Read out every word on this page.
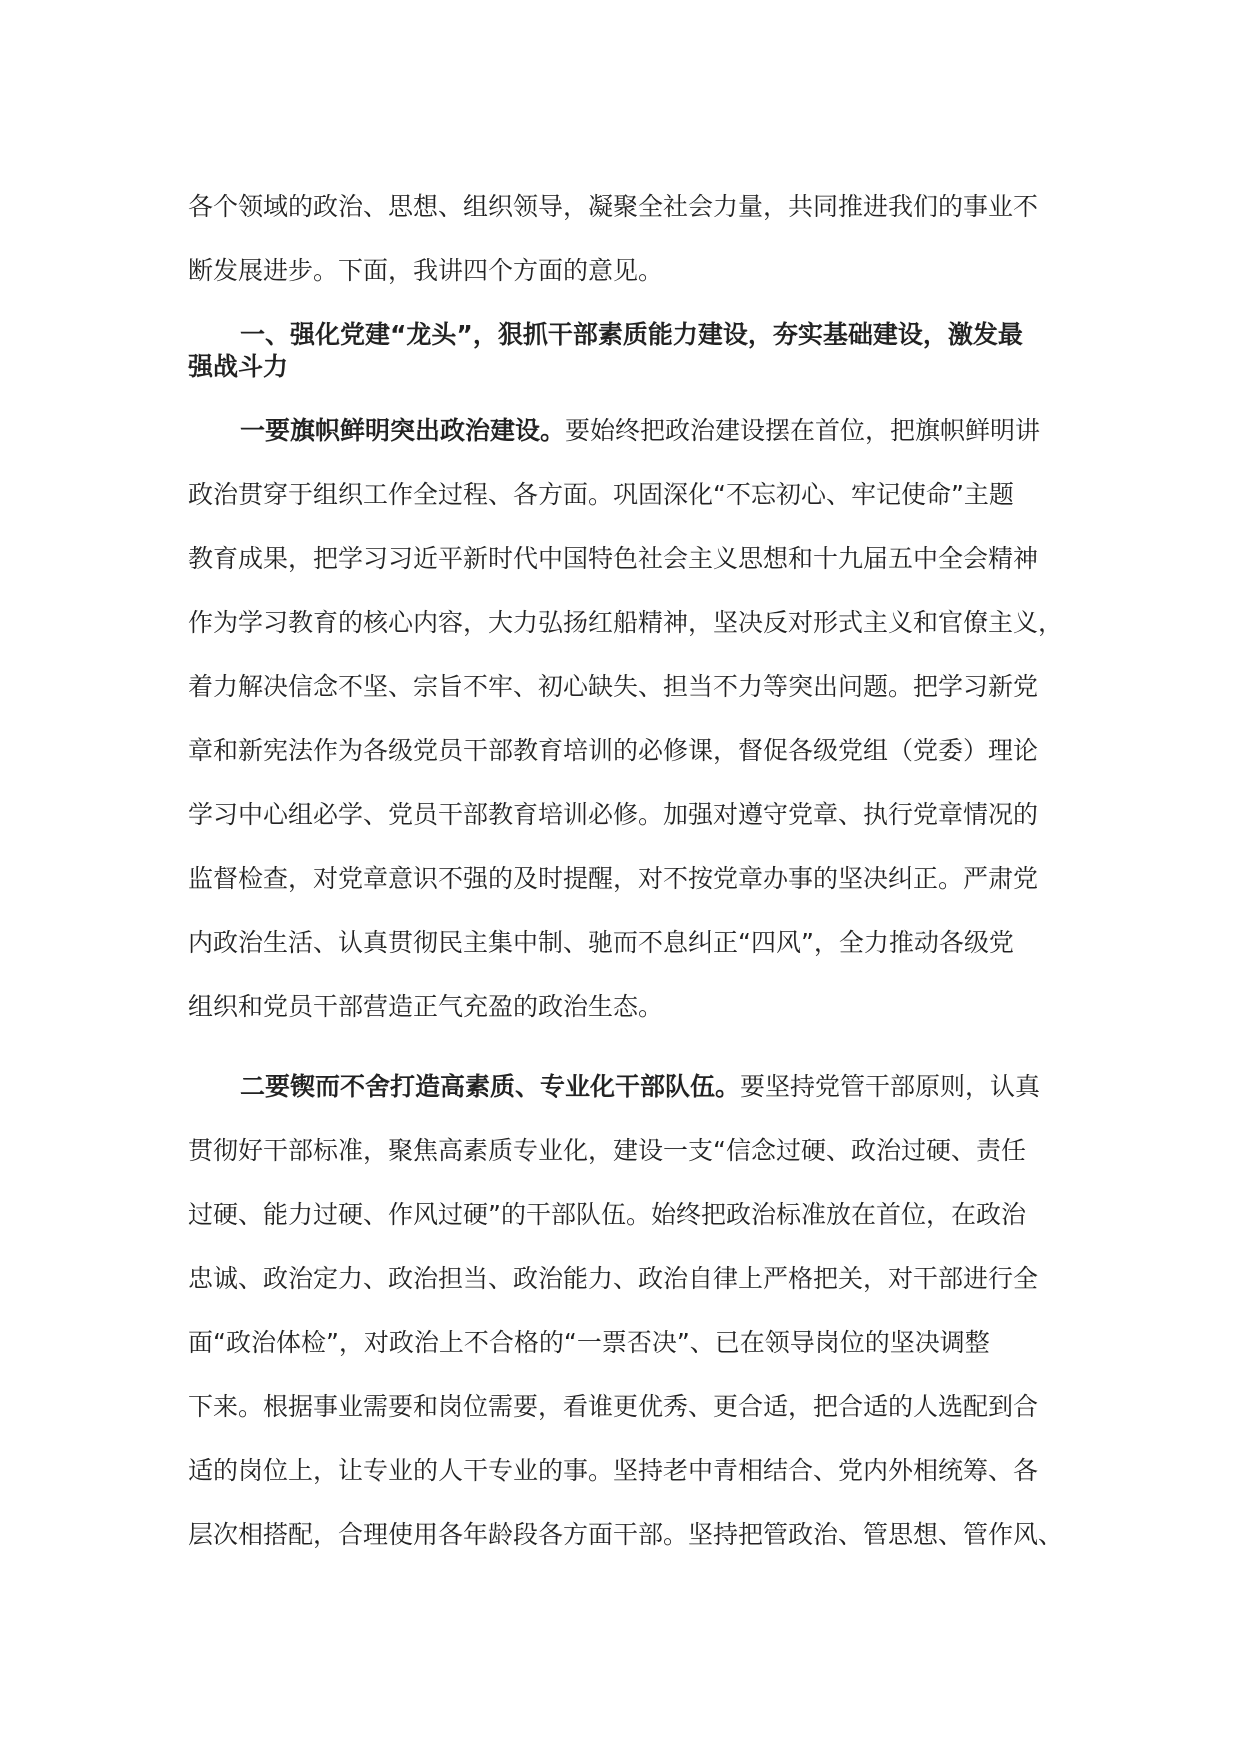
各个领域的政治、思想、组织领导，凝聚全社会力量，共同推进我们的事业不
断发展进步。下面，我讲四个方面的意见。
一、强化党建“龙头”，狠抓干部素质能力建设，夯实基础建设，激发最
强战斗力
一要旗帜鲜明突出政治建设。要始终把政治建设摆在首位，把旗帜鲜明讲
政治贯穿于组织工作全过程、各方面。巩固深化“不忘初心、牢记使命”主题
教育成果，把学习习近平新时代中国特色社会主义思想和十九届五中全会精神
作为学习教育的核心内容，大力弘扬红船精神，坚决反对形式主义和官僚主义，
着力解决信念不坚、宗旨不牢、初心缺失、担当不力等突出问题。把学习新党
章和新宪法作为各级党员干部教育培训的必修课，督促各级党组（党委）理论
学习中心组必学、党员干部教育培训必修。加强对遵守党章、执行党章情况的
监督检查，对党章意识不强的及时提醒，对不按党章办事的坚决纠正。严肃党
内政治生活、认真贯彻民主集中制、驰而不息纠正“四风”，全力推动各级党
组织和党员干部营造正气充盈的政治生态。
二要锲而不舍打造高素质、专业化干部队伍。要坚持党管干部原则，认真
贯彻好干部标准，聚焦高素质专业化，建设一支“信念过硬、政治过硬、责任
过硬、能力过硬、作风过硬”的干部队伍。始终把政治标准放在首位，在政治
忠诚、政治定力、政治担当、政治能力、政治自律上严格把关，对干部进行全
面“政治体检”，对政治上不合格的“一票否决”、已在领导岗位的坚决调整
下来。根据事业需要和岗位需要，看谁更优秀、更合适，把合适的人选配到合
适的岗位上，让专业的人干专业的事。坚持老中青相结合、党内外相统筹、各
层次相搭配，合理使用各年龄段各方面干部。坚持把管政治、管思想、管作风、
